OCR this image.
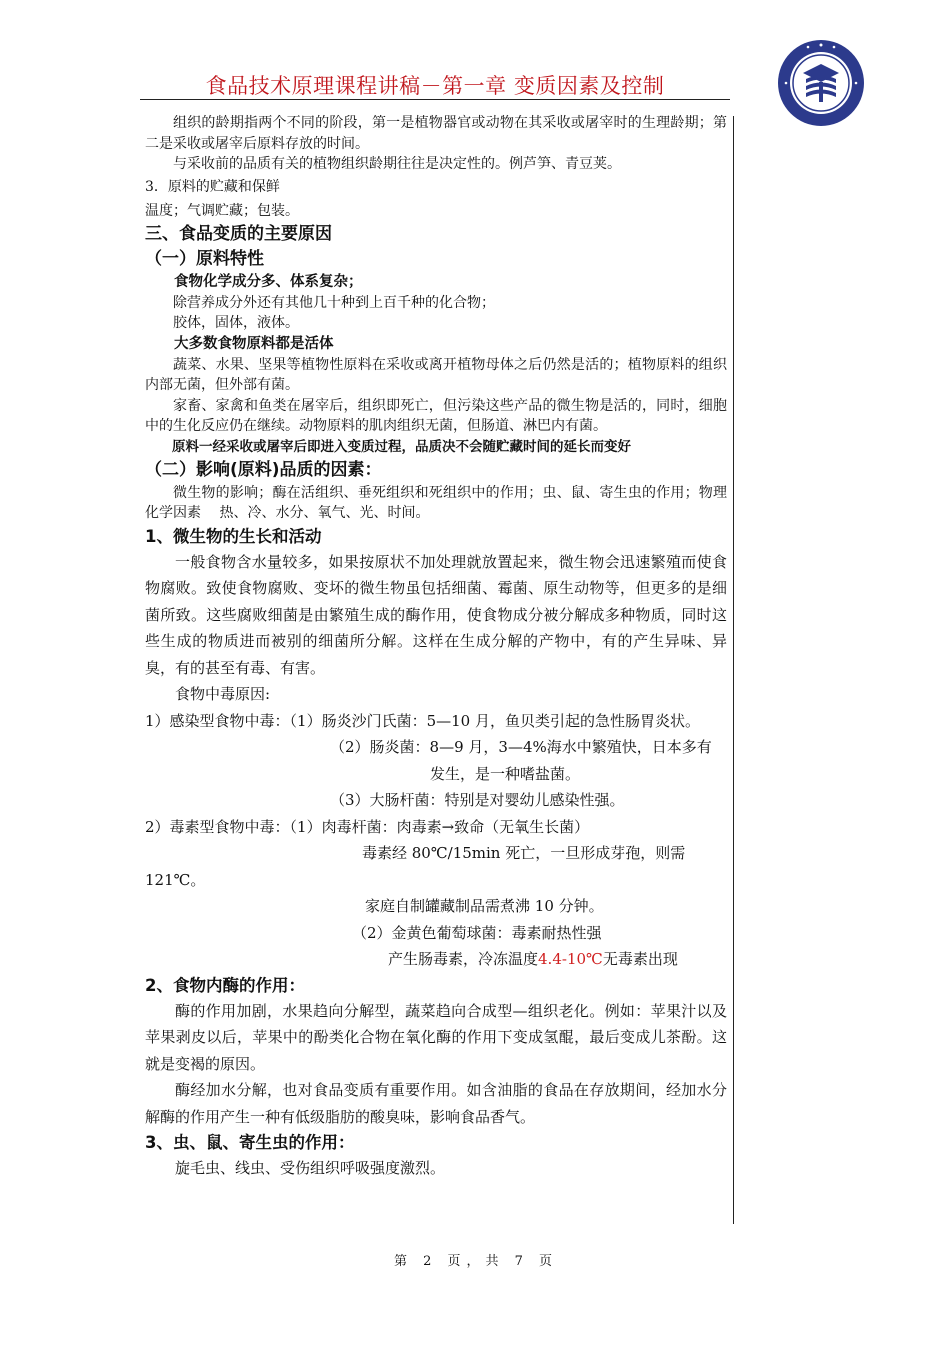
食品技术原理课程讲稿－第一章 变质因素及控制

组织的龄期指两个不同的阶段，第一是植物器官或动物在其采收或屠宰时的生理龄期；第二是采收或屠宰后原料存放的时间。

与采收前的品质有关的植物组织龄期往往是决定性的。例芦笋、青豆荚。

3．原料的贮藏和保鲜

温度；气调贮藏；包装。

三、食品变质的主要原因

（一）原料特性

食物化学成分多、体系复杂；

除营养成分外还有其他几十种到上百千种的化合物；

胶体，固体，液体。

大多数食物原料都是活体

蔬菜、水果、坚果等植物性原料在采收或离开植物母体之后仍然是活的；植物原料的组织内部无菌，但外部有菌。

家畜、家禽和鱼类在屠宰后，组织即死亡，但污染这些产品的微生物是活的，同时，细胞中的生化反应仍在继续。动物原料的肌肉组织无菌，但肠道、淋巴内有菌。

原料一经采收或屠宰后即进入变质过程，品质决不会随贮藏时间的延长而变好

（二）影响(原料)品质的因素：

微生物的影响；酶在活组织、垂死组织和死组织中的作用；虫、鼠、寄生虫的作用；物理化学因素　 热、冷、水分、氧气、光、时间。

1、微生物的生长和活动

一般食物含水量较多，如果按原状不加处理就放置起来，微生物会迅速繁殖而使食物腐败。致使食物腐败、变坏的微生物虽包括细菌、霉菌、原生动物等，但更多的是细菌所致。这些腐败细菌是由繁殖生成的酶作用，使食物成分被分解成多种物质，同时这些生成的物质进而被别的细菌所分解。这样在生成分解的产物中，有的产生异味、异臭，有的甚至有毒、有害。

食物中毒原因:

1）感染型食物中毒：（1）肠炎沙门氏菌：5—10 月，鱼贝类引起的急性肠胃炎状。

（2）肠炎菌：8—9 月，3—4%海水中繁殖快，日本多有

发生，是一种嗜盐菌。

（3）大肠杆菌：特别是对婴幼儿感染性强。

2）毒素型食物中毒：（1）肉毒杆菌：肉毒素→致命（无氧生长菌）

毒素经 80℃/15min 死亡，一旦形成芽孢，则需

121℃。

家庭自制罐藏制品需煮沸 10 分钟。

（2）金黄色葡萄球菌：毒素耐热性强

产生肠毒素，冷冻温度4.4-10℃无毒素出现

2、食物内酶的作用：

酶的作用加剧，水果趋向分解型，蔬菜趋向合成型—组织老化。例如：苹果汁以及苹果剥皮以后，苹果中的酚类化合物在氧化酶的作用下变成氢醌，最后变成儿茶酚。这就是变褐的原因。

酶经加水分解，也对食品变质有重要作用。如含油脂的食品在存放期间，经加水分解酶的作用产生一种有低级脂肪的酸臭味，影响食品香气。

3、虫、鼠、寄生虫的作用：

旋毛虫、线虫、受伤组织呼吸强度激烈。

第 2 页，共 7 页
